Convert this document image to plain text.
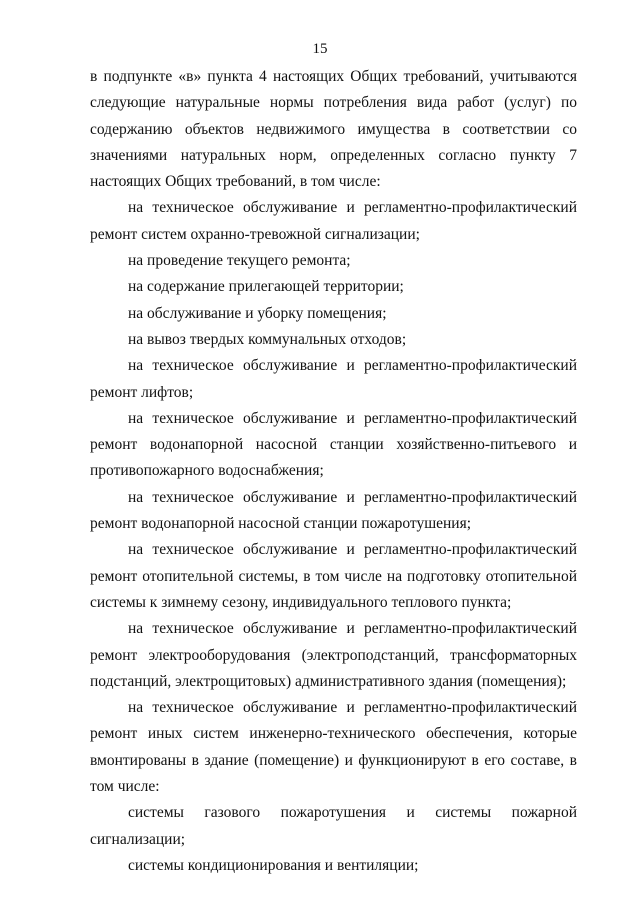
15

в подпункте «в» пункта 4 настоящих Общих требований, учитываются следующие натуральные нормы потребления вида работ (услуг) по содержанию объектов недвижимого имущества в соответствии со значениями натуральных норм, определенных согласно пункту 7 настоящих Общих требований, в том числе:

на техническое обслуживание и регламентно-профилактический ремонт систем охранно-тревожной сигнализации;

на проведение текущего ремонта;

на содержание прилегающей территории;

на обслуживание и уборку помещения;

на вывоз твердых коммунальных отходов;

на техническое обслуживание и регламентно-профилактический ремонт лифтов;

на техническое обслуживание и регламентно-профилактический ремонт водонапорной насосной станции хозяйственно-питьевого и противопожарного водоснабжения;

на техническое обслуживание и регламентно-профилактический ремонт водонапорной насосной станции пожаротушения;

на техническое обслуживание и регламентно-профилактический ремонт отопительной системы, в том числе на подготовку отопительной системы к зимнему сезону, индивидуального теплового пункта;

на техническое обслуживание и регламентно-профилактический ремонт электрооборудования (электроподстанций, трансформаторных подстанций, электрощитовых) административного здания (помещения);

на техническое обслуживание и регламентно-профилактический ремонт иных систем инженерно-технического обеспечения, которые вмонтированы в здание (помещение) и функционируют в его составе, в том числе:

системы газового пожаротушения и системы пожарной сигнализации;

системы кондиционирования и вентиляции;
